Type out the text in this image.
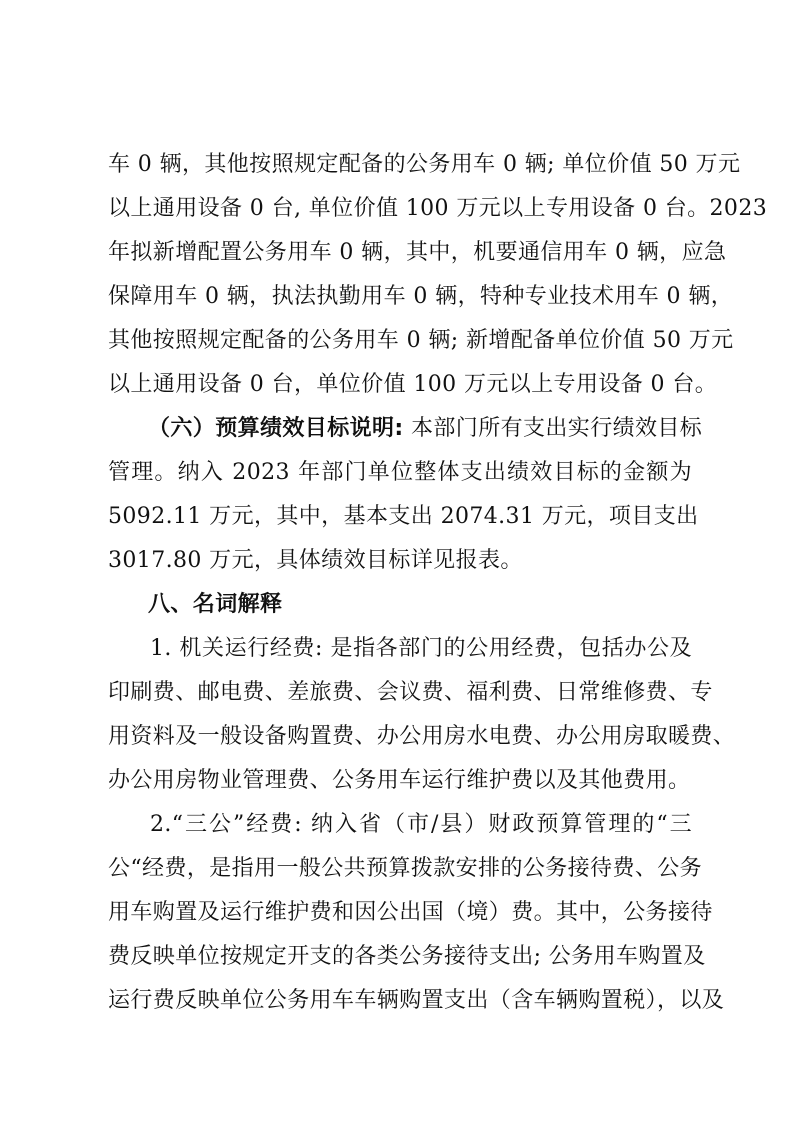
车 0 辆，其他按照规定配备的公务用车 0 辆; 单位价值 50 万元
以上通用设备 0 台, 单位价值 100 万元以上专用设备 0 台。2023
年拟新增配置公务用车 0 辆，其中，机要通信用车 0 辆，应急
保障用车 0 辆，执法执勤用车 0 辆，特种专业技术用车 0 辆，
其他按照规定配备的公务用车 0 辆; 新增配备单位价值 50 万元
以上通用设备 0 台，单位价值 100 万元以上专用设备 0 台。
（六）预算绩效目标说明: 本部门所有支出实行绩效目标
管理。纳入 2023 年部门单位整体支出绩效目标的金额为
5092.11 万元，其中，基本支出 2074.31 万元，项目支出
3017.80 万元，具体绩效目标详见报表。
八、名词解释
1. 机关运行经费: 是指各部门的公用经费，包括办公及
印刷费、邮电费、差旅费、会议费、福利费、日常维修费、专
用资料及一般设备购置费、办公用房水电费、办公用房取暖费、
办公用房物业管理费、公务用车运行维护费以及其他费用。
2.“三公”经费: 纳入省（市/县）财政预算管理的“三
公“经费，是指用一般公共预算拨款安排的公务接待费、公务
用车购置及运行维护费和因公出国（境）费。其中，公务接待
费反映单位按规定开支的各类公务接待支出; 公务用车购置及
运行费反映单位公务用车车辆购置支出（含车辆购置税），以及
